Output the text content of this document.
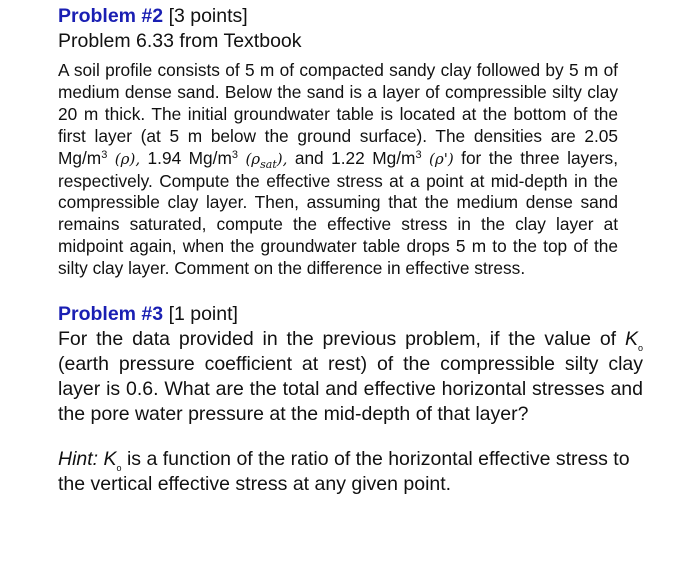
Problem #2 [3 points]

Problem 6.33 from Textbook

A soil profile consists of 5 m of compacted sandy clay followed by 5 m of medium dense sand. Below the sand is a layer of compressible silty clay 20 m thick. The initial groundwater table is located at the bottom of the first layer (at 5 m below the ground surface). The densities are 2.05 $Mg/m^3$ (ρ), 1.94 $Mg/m^3$ $(\rho_{sat})$, and 1.22 $Mg/m^3$ (ρ') for the three layers, respectively. Compute the effective stress at a point at mid-depth in the compressible clay layer. Then, assuming that the medium dense sand remains saturated, compute the effective stress in the clay layer at midpoint again, when the groundwater table drops 5 m to the top of the silty clay layer. Comment on the difference in effective stress.

Problem #3 [1 point]

For the data provided in the previous problem, if the value of $K_o$ (earth pressure coefficient at rest) of the compressible silty clay layer is 0.6. What are the total and effective horizontal stresses and the pore water pressure at the mid-depth of that layer?

Hint: $K_o$ is a function of the ratio of the horizontal effective stress to the vertical effective stress at any given point.
